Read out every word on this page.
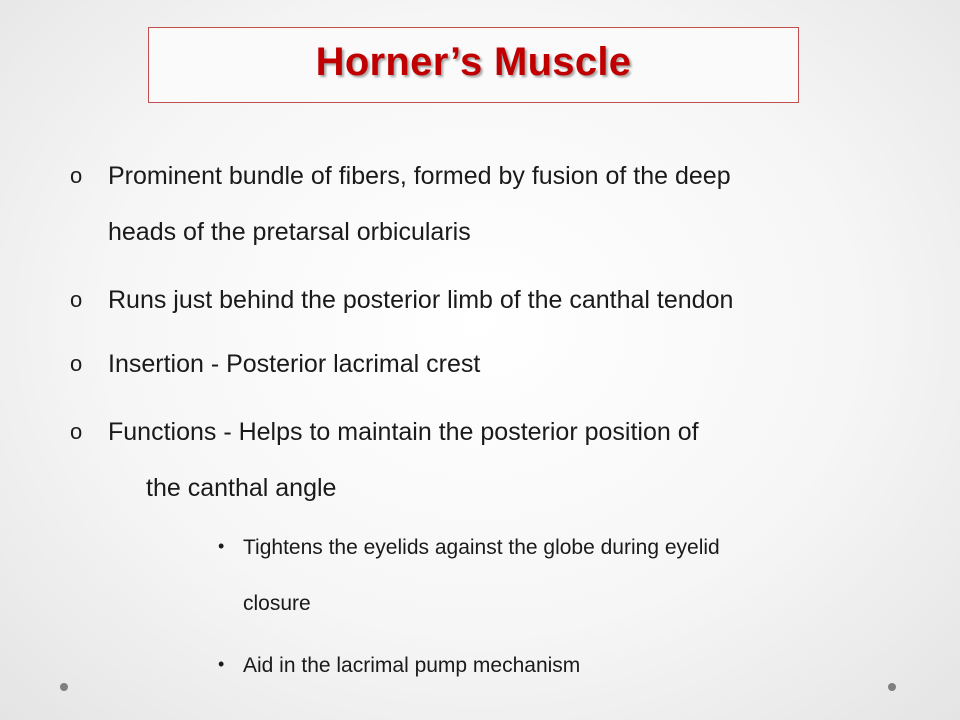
Horner’s Muscle
o Prominent bundle of fibers, formed by fusion of the deep
heads of the pretarsal orbicularis
o Runs just behind the posterior limb of the canthal tendon
o Insertion - Posterior lacrimal crest
o Functions - Helps to maintain the posterior position of
the canthal angle
• Tightens the eyelids against the globe during eyelid
closure
• Aid in the lacrimal pump mechanism
